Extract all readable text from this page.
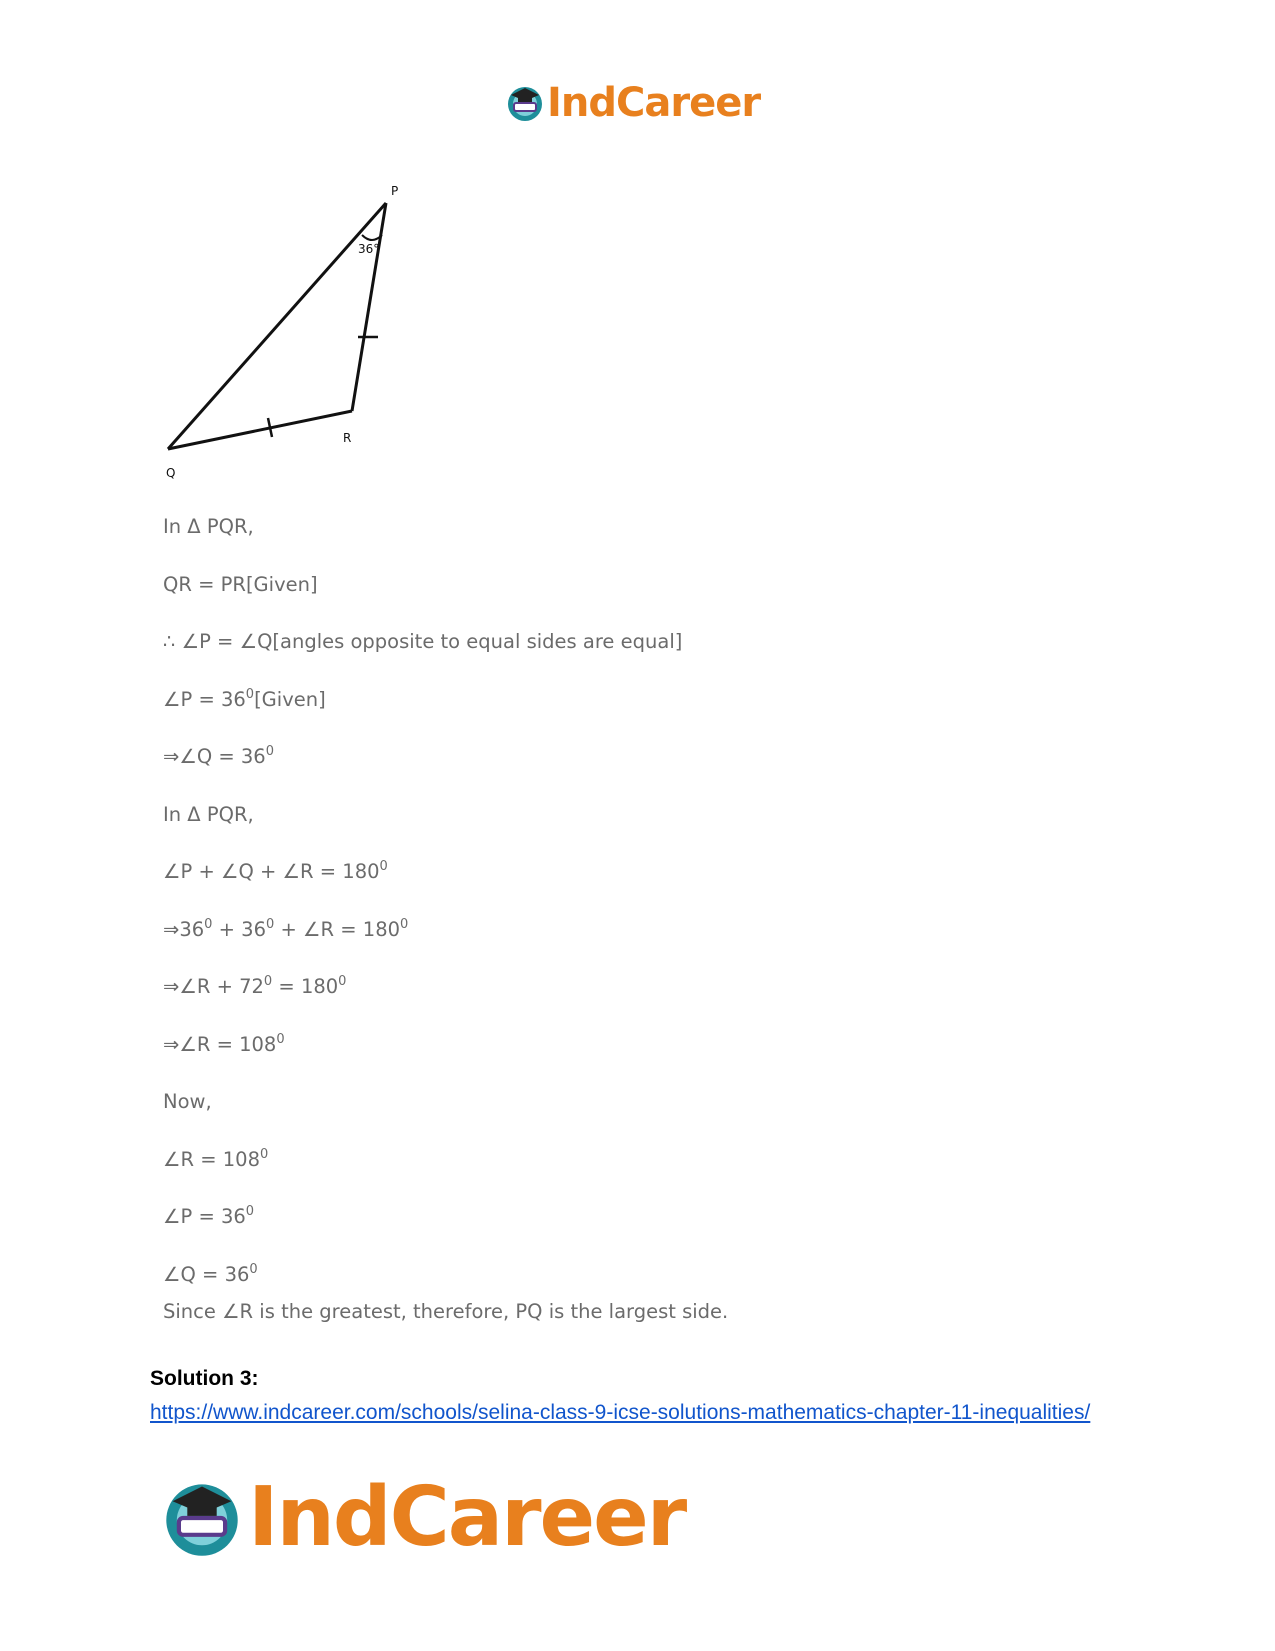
IndCareer
P
Q
R
36°
In Δ PQR,
QR = PR[Given]
∴ ∠P = ∠Q[angles opposite to equal sides are equal]
∠P = $36^0[Given]$
⇒∠Q = $36^0$
In Δ PQR,
∠P + ∠Q + ∠R = $180^0$
$\Rightarrow 36^0 + 36^0$ + ∠R = $180^0$
⇒∠R + $72^0 = 180^0$
⇒∠R = $108^0$
Now,
∠R = $108^0$
∠P = $36^0$
∠Q = $36^0$
Since ∠R is the greatest, therefore, PQ is the largest side.
Solution 3:
https://www.indcareer.com/schools/selina-class-9-icse-solutions-mathematics-chapter-11-inequalities/
IndCareer
